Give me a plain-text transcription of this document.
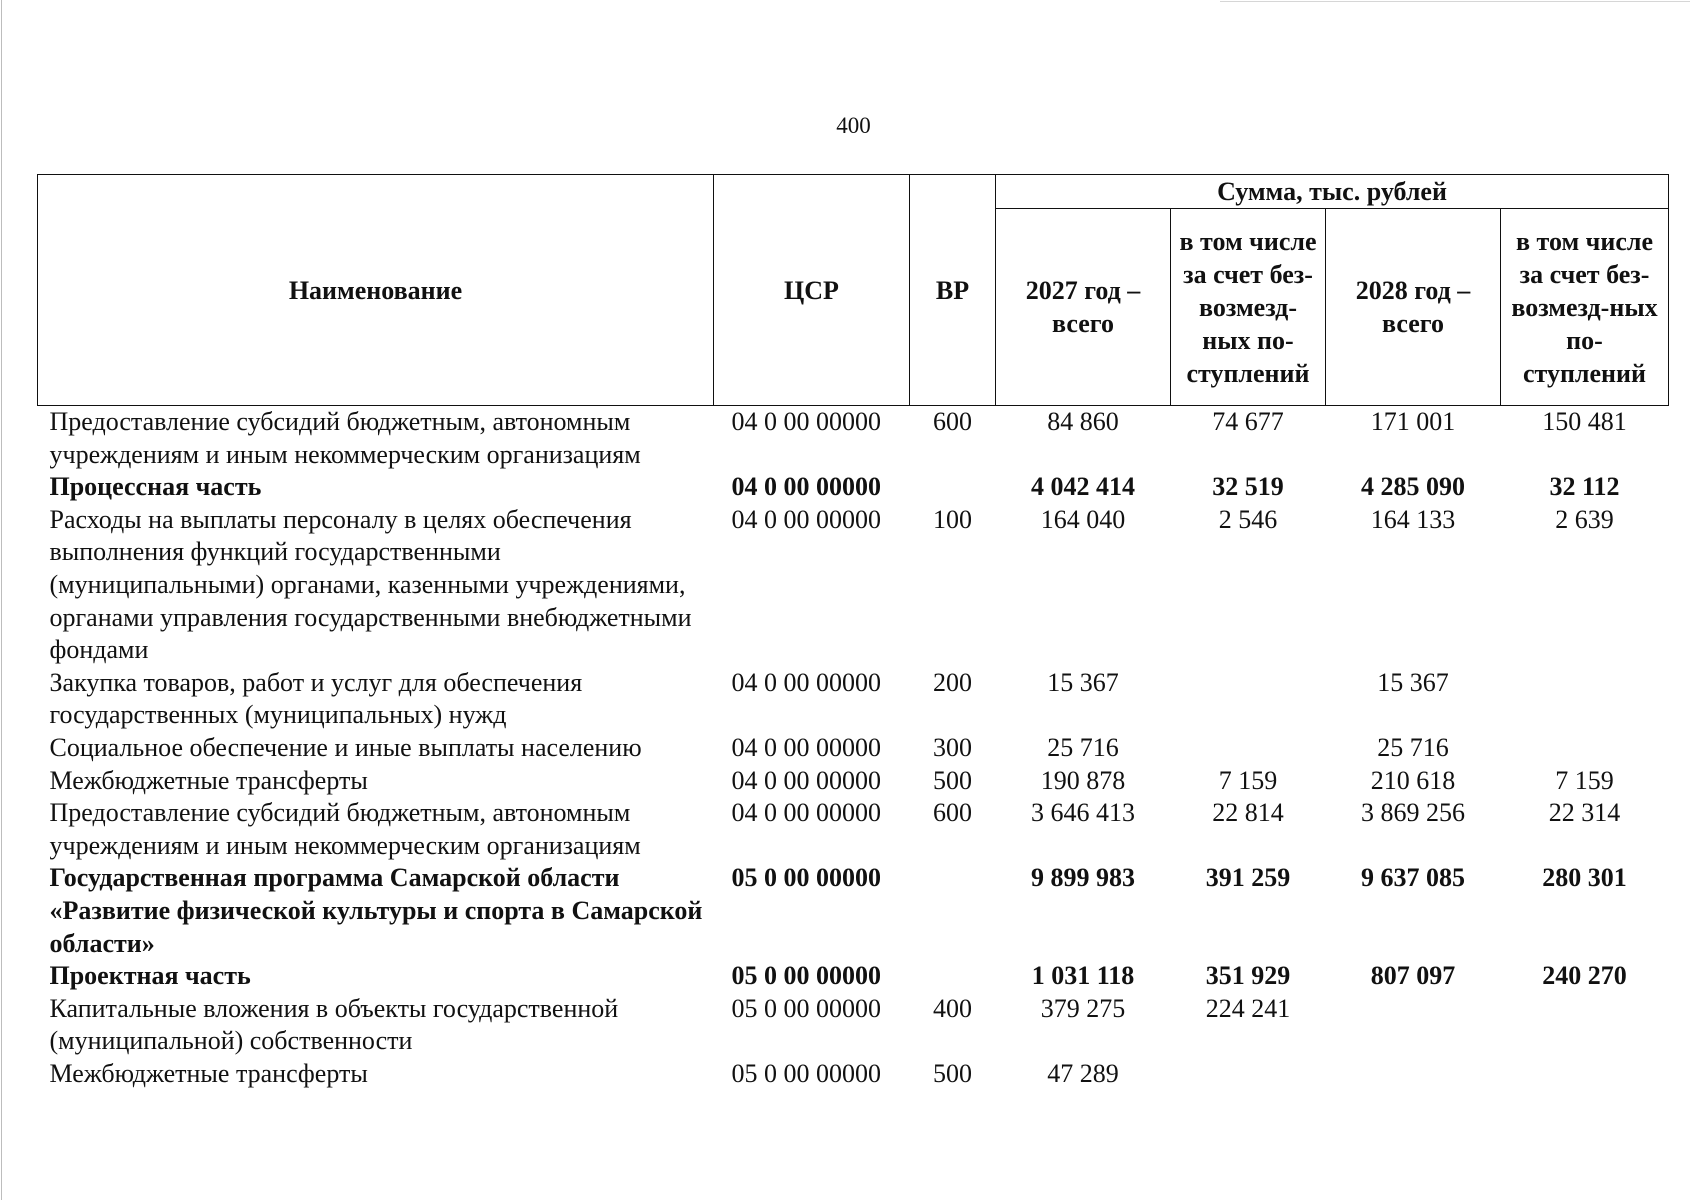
400
Наименование	ЦСР	ВР	Сумма, тыс. рублей			
			2027 год – всего	в том числе за счет без-возмезд-ных по-ступлений	2028 год – всего	в том числе за счет без-возмезд-ных по-ступлений
Предоставление субсидий бюджетным, автономным учреждениям и иным некоммерческим организациям	04 0 00 00000	600	84 860	74 677	171 001	150 481
Процессная часть	04 0 00 00000		4 042 414	32 519	4 285 090	32 112
Расходы на выплаты персоналу в целях обеспечения выполнения функций государственными (муниципальными) органами, казенными учреждениями, органами управления государственными внебюджетными фондами	04 0 00 00000	100	164 040	2 546	164 133	2 639
Закупка товаров, работ и услуг для обеспечения государственных (муниципальных) нужд	04 0 00 00000	200	15 367		15 367	
Социальное обеспечение и иные выплаты населению	04 0 00 00000	300	25 716		25 716	
Межбюджетные трансферты	04 0 00 00000	500	190 878	7 159	210 618	7 159
Предоставление субсидий бюджетным, автономным учреждениям и иным некоммерческим организациям	04 0 00 00000	600	3 646 413	22 814	3 869 256	22 314
Государственная программа Самарской области «Развитие физической культуры и спорта в Самарской области»	05 0 00 00000		9 899 983	391 259	9 637 085	280 301
Проектная часть	05 0 00 00000		1 031 118	351 929	807 097	240 270
Капитальные вложения в объекты государственной (муниципальной) собственности	05 0 00 00000	400	379 275	224 241		
Межбюджетные трансферты	05 0 00 00000	500	47 289			
